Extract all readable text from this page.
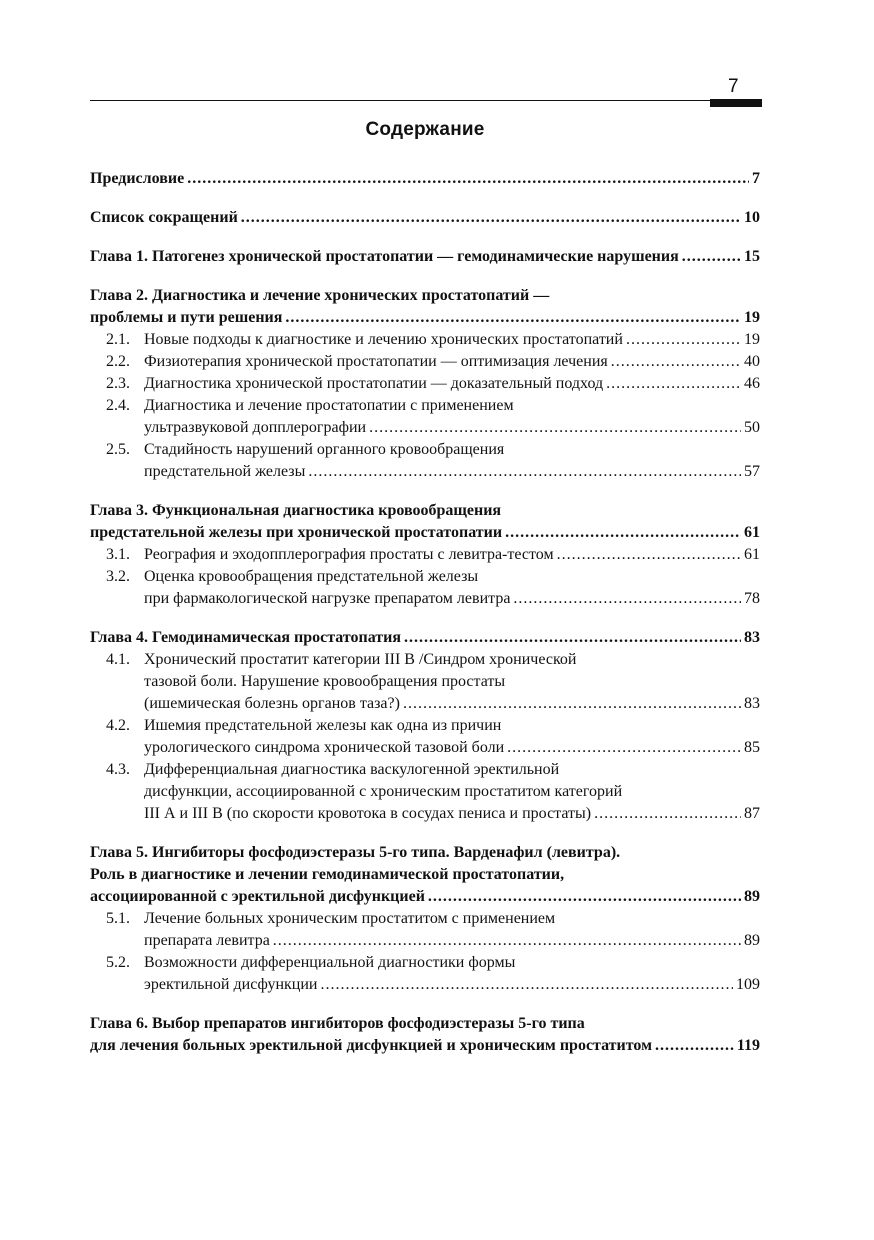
7
Содержание
Предисловие .....	7
Список сокращений .....	10
Глава 1. Патогенез хронической простатопатии — гемодинамические нарушения .....	15
Глава 2. Диагностика и лечение хронических простатопатий —
проблемы и пути решения .....	19
2.1. Новые подходы к диагностике и лечению хронических простатопатий .....	19
2.2. Физиотерапия хронической простатопатии — оптимизация лечения .....	40
2.3. Диагностика хронической простатопатии — доказательный подход .....	46
2.4. Диагностика и лечение простатопатии с применением
ультразвуковой допплерографии .....	50
2.5. Стадийность нарушений органного кровообращения
предстательной железы .....	57
Глава 3. Функциональная диагностика кровообращения
предстательной железы при хронической простатопатии .....	61
3.1. Реография и эходопплерография простаты с левитра-тестом .....	61
3.2. Оценка кровообращения предстательной железы
при фармакологической нагрузке препаратом левитра .....	78
Глава 4. Гемодинамическая простатопатия .....	83
4.1. Хронический простатит категории III В /Синдром хронической
тазовой боли. Нарушение кровообращения простаты
(ишемическая болезнь органов таза?) .....	83
4.2. Ишемия предстательной железы как одна из причин
урологического синдрома хронической тазовой боли .....	85
4.3. Дифференциальная диагностика васкулогенной эректильной
дисфункции, ассоциированной с хроническим простатитом категорий
III А и III В (по скорости кровотока в сосудах пениса и простаты) .....	87
Глава 5. Ингибиторы фосфодиэстеразы 5-го типа. Варденафил (левитра).
Роль в диагностике и лечении гемодинамической простатопатии,
ассоциированной с эректильной дисфункцией .....	89
5.1. Лечение больных хроническим простатитом с применением
препарата левитра .....	89
5.2. Возможности дифференциальной диагностики формы
эректильной дисфункции .....	109
Глава 6. Выбор препаратов ингибиторов фосфодиэстеразы 5-го типа
для лечения больных эректильной дисфункцией и хроническим простатитом .....	119
